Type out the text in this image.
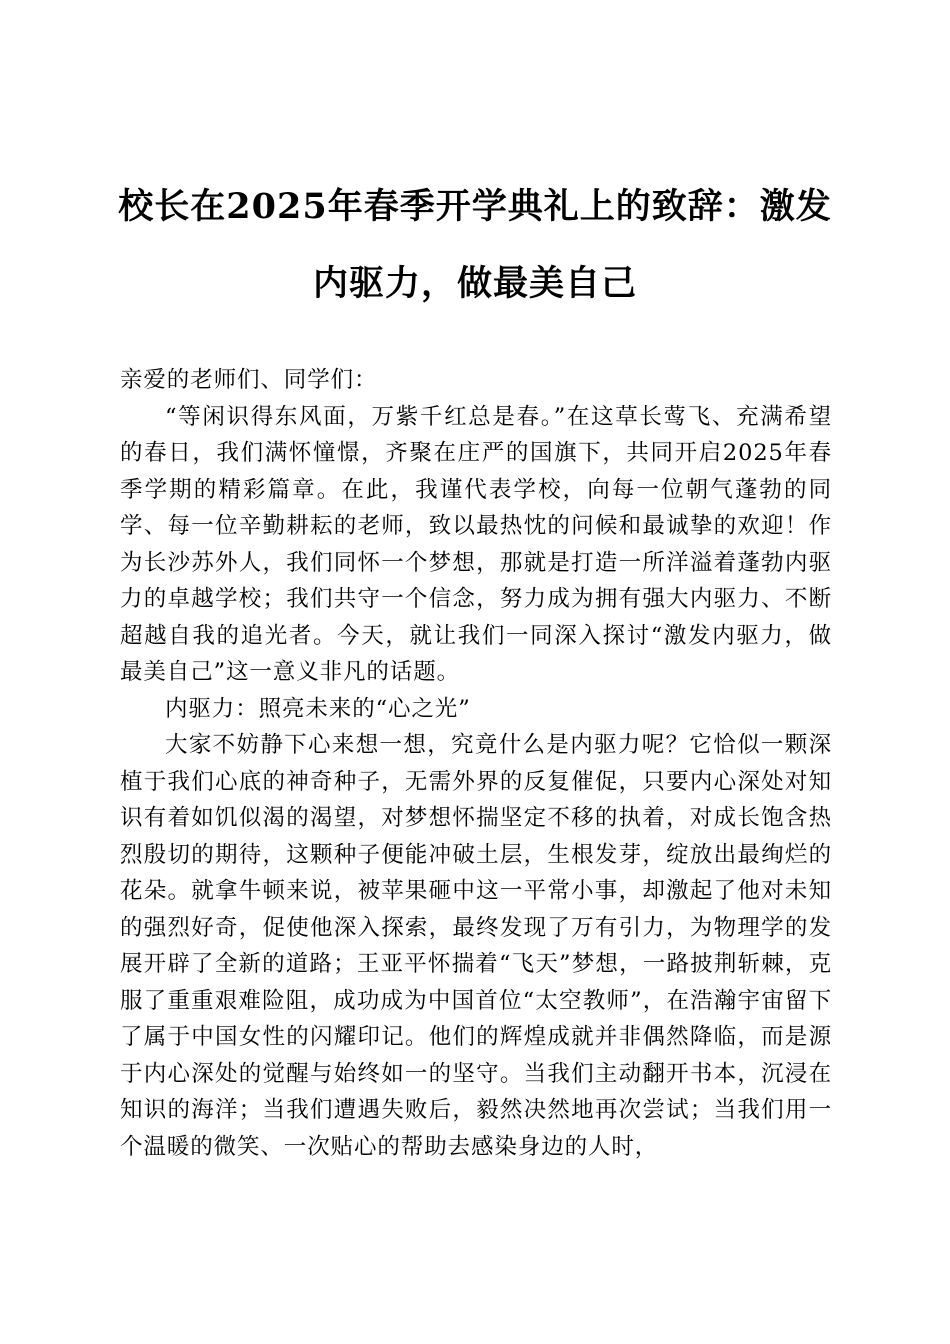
校长在2025年春季开学典礼上的致辞：激发
内驱力，做最美自己

亲爱的老师们、同学们：

“等闲识得东风面，万紫千红总是春。”在这草长莺飞、充满希望的春日，我们满怀憧憬，齐聚在庄严的国旗下，共同开启2025年春季学期的精彩篇章。在此，我谨代表学校，向每一位朝气蓬勃的同学、每一位辛勤耕耘的老师，致以最热忱的问候和最诚挚的欢迎！作为长沙苏外人，我们同怀一个梦想，那就是打造一所洋溢着蓬勃内驱力的卓越学校；我们共守一个信念，努力成为拥有强大内驱力、不断超越自我的追光者。今天，就让我们一同深入探讨“激发内驱力，做最美自己”这一意义非凡的话题。

内驱力：照亮未来的“心之光”

大家不妨静下心来想一想，究竟什么是内驱力呢？它恰似一颗深植于我们心底的神奇种子，无需外界的反复催促，只要内心深处对知识有着如饥似渴的渴望，对梦想怀揣坚定不移的执着，对成长饱含热烈殷切的期待，这颗种子便能冲破土层，生根发芽，绽放出最绚烂的花朵。就拿牛顿来说，被苹果砸中这一平常小事，却激起了他对未知的强烈好奇，促使他深入探索，最终发现了万有引力，为物理学的发展开辟了全新的道路；王亚平怀揣着“飞天”梦想，一路披荆斩棘，克服了重重艰难险阻，成功成为中国首位“太空教师”，在浩瀚宇宙留下了属于中国女性的闪耀印记。他们的辉煌成就并非偶然降临，而是源于内心深处的觉醒与始终如一的坚守。当我们主动翻开书本，沉浸在知识的海洋；当我们遭遇失败后，毅然决然地再次尝试；当我们用一个温暖的微笑、一次贴心的帮助去感染身边的人时，
